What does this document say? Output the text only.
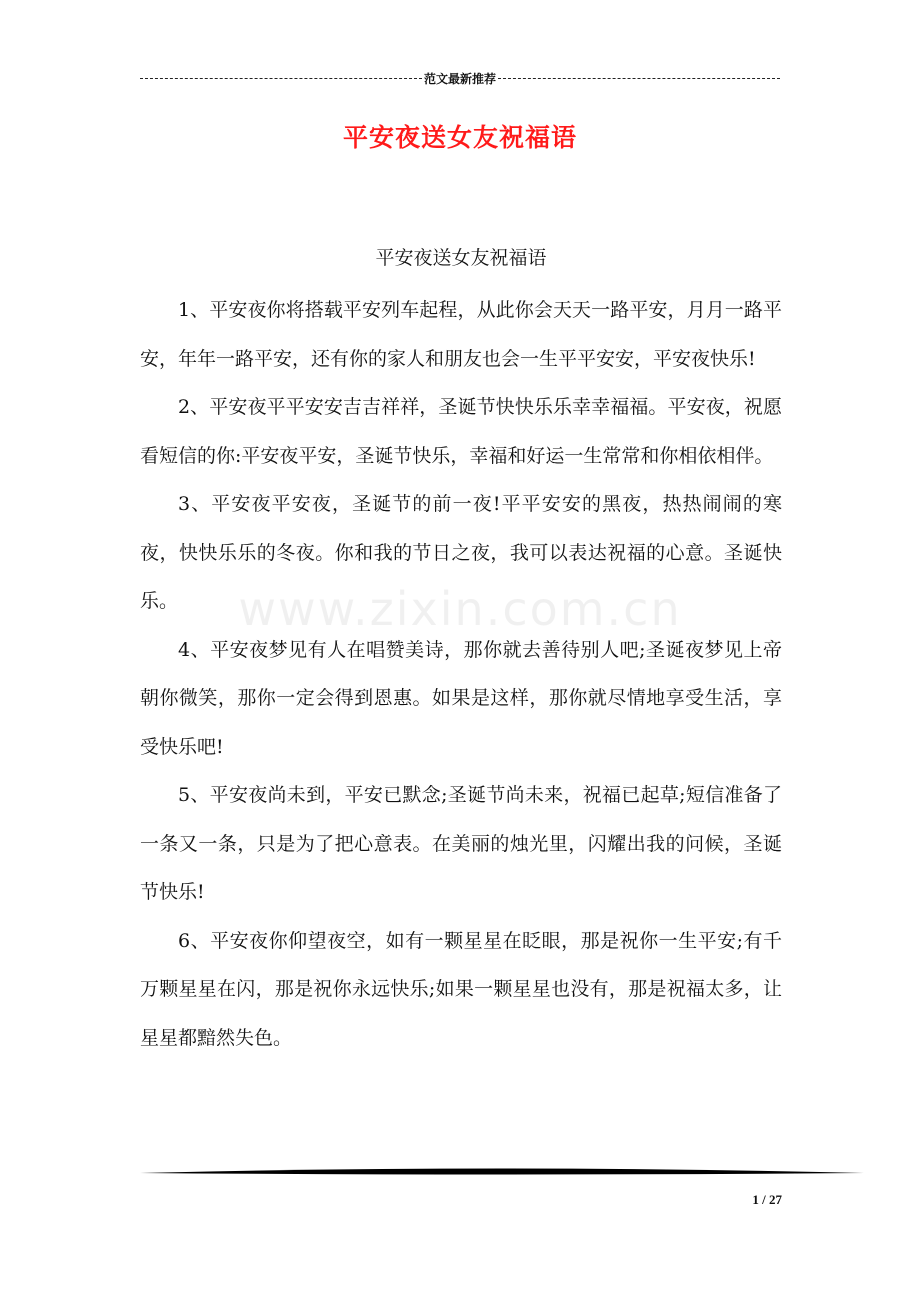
范文最新推荐
平安夜送女友祝福语
www.zixin.com.cn
平安夜送女友祝福语

1、平安夜你将搭载平安列车起程，从此你会天天一路平安，月月一路平安，年年一路平安，还有你的家人和朋友也会一生平平安安，平安夜快乐!

2、平安夜平平安安吉吉祥祥，圣诞节快快乐乐幸幸福福。平安夜，祝愿看短信的你:平安夜平安，圣诞节快乐，幸福和好运一生常常和你相依相伴。

3、平安夜平安夜，圣诞节的前一夜!平平安安的黑夜，热热闹闹的寒夜，快快乐乐的冬夜。你和我的节日之夜，我可以表达祝福的心意。圣诞快乐。

4、平安夜梦见有人在唱赞美诗，那你就去善待别人吧;圣诞夜梦见上帝朝你微笑，那你一定会得到恩惠。如果是这样，那你就尽情地享受生活，享受快乐吧!

5、平安夜尚未到，平安已默念;圣诞节尚未来，祝福已起草;短信准备了一条又一条，只是为了把心意表。在美丽的烛光里，闪耀出我的问候，圣诞节快乐!

6、平安夜你仰望夜空，如有一颗星星在眨眼，那是祝你一生平安;有千万颗星星在闪，那是祝你永远快乐;如果一颗星星也没有，那是祝福太多，让星星都黯然失色。

1 / 27
